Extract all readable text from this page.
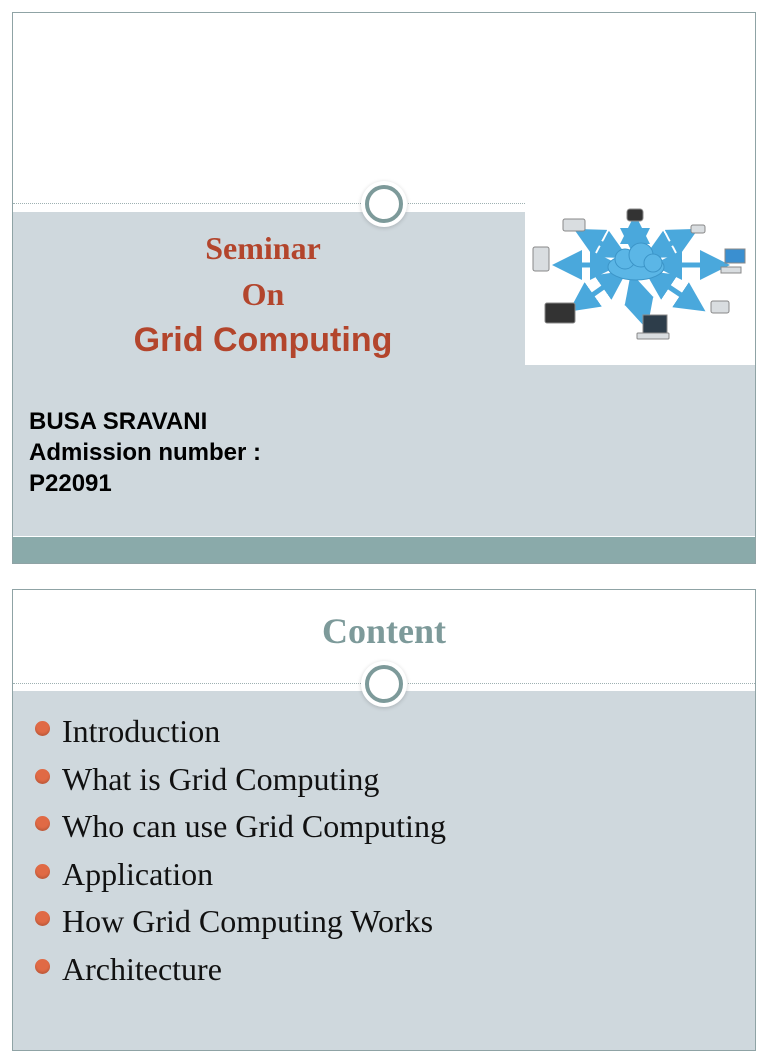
Seminar
On
Grid Computing
BUSA SRAVANI
Admission number :
P22091
Content
Introduction
What is Grid Computing
Who can use Grid Computing
Application
How Grid Computing Works
Architecture
